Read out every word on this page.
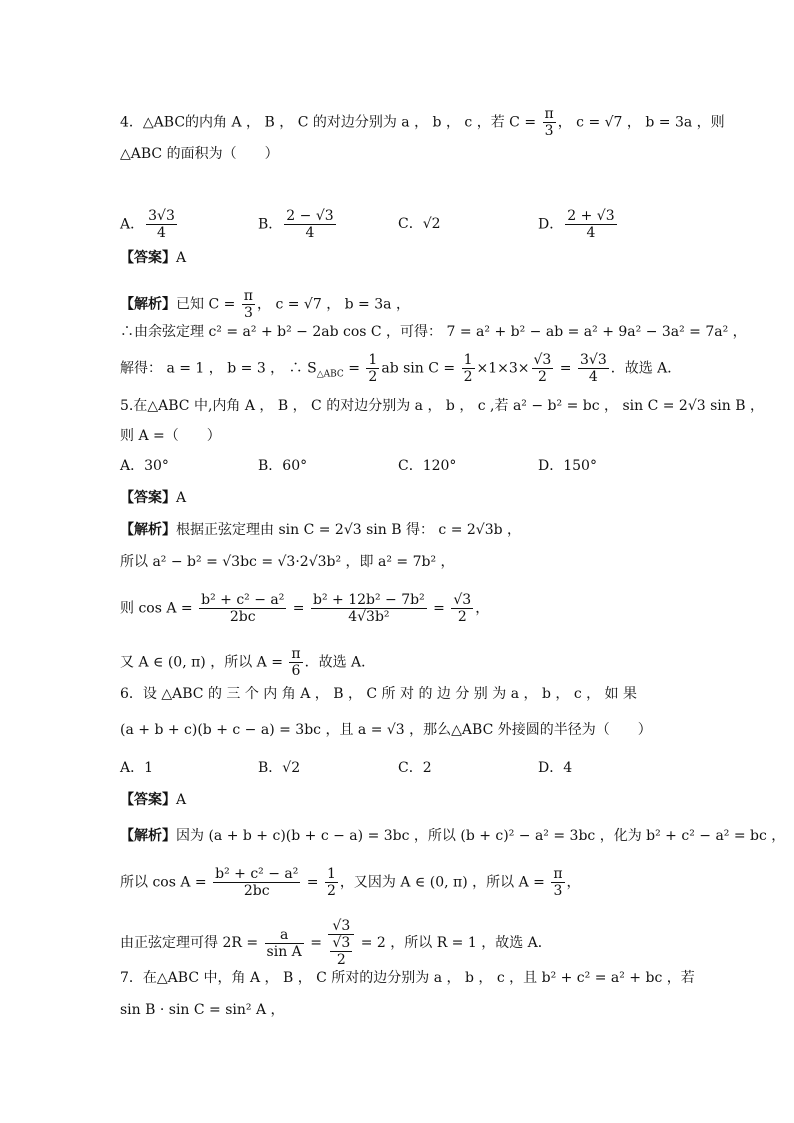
4．△ABC的内角 A ， B ， C 的对边分别为 a ， b ， c ，若 $C = \frac{\pi}{3}$ ， c = √7 ， b = 3a ，则
△ABC 的面积为（　　）
A． $\frac{3√3}{4}$	B． $\frac{2 - √3}{4}$	C．√2	D． $\frac{2 + √3}{4}$
【答案】A
【解析】已知 $C = \frac{\pi}{3}$ ， c = √7 ， b = 3a ，
∴由余弦定理 c² = a² + b² − 2ab cos C ，可得： 7 = a² + b² − ab = a² + 9a² − 3a² = 7a² ，
解得： a = 1 ， b = 3 ， ∴ $S_{\triangle ABC} = \frac{1}{2}$ ab $\sin C = \frac{1}{2} \times 1\times 3\times \frac{√3}{2} = \frac{3√3}{4}$ ．故选 A．
5.在△ABC 中,内角 A ， B ， C 的对边分别为 a ， b ， c ,若 a² − b² = bc ， sin C = 2√3 sin B ，
则 A =（　　）
A．30°	B．60°	C．120°	D．150°
【答案】A
【解析】根据正弦定理由 sin C = 2√3 sin B 得： c = 2√3b ，
所以 a² − b² = √3bc = √3·2√3b² ，即 a² = 7b² ，
则 $\cos A = \frac{\text{b² + c² − a²}}{2bc} = \frac{\text{b² + 12b² − 7b²}}{\text{4√3b²}} = \frac{√3}{2}$ ，
又 A ∈ (0, π) ，所以 $A = \frac{\pi}{6}$ ．故选 A．
6．设 △ABC 的 三 个 内 角 A ， B ， C 所 对 的 边 分 别 为 a ， b ， c ， 如 果
(a + b + c)(b + c − a) = 3bc ，且 a = √3 ，那么△ABC 外接圆的半径为（　　）
A．1	B．√2	C．2	D．4
【答案】A
【解析】因为 (a + b + c)(b + c − a) = 3bc ，所以 (b + c)² − a² = 3bc ，化为 b² + c² − a² = bc ，
所以 $\cos A = \frac{\text{b² + c² − a²}}{2bc} = \frac{1}{2}$ ，又因为 A ∈ (0, π) ，所以 $A = \frac{\pi}{3}$ ，
由正弦定理可得 $2R = \frac{a}{\text{sin A}} = √3$
√3
2 = 2 ，所以 R = 1 ，故选 A．
7．在△ABC 中，角 A ， B ， C 所对的边分别为 a ， b ， c ，且 b² + c² = a² + bc ，若
sin B · sin C = sin² A ，
